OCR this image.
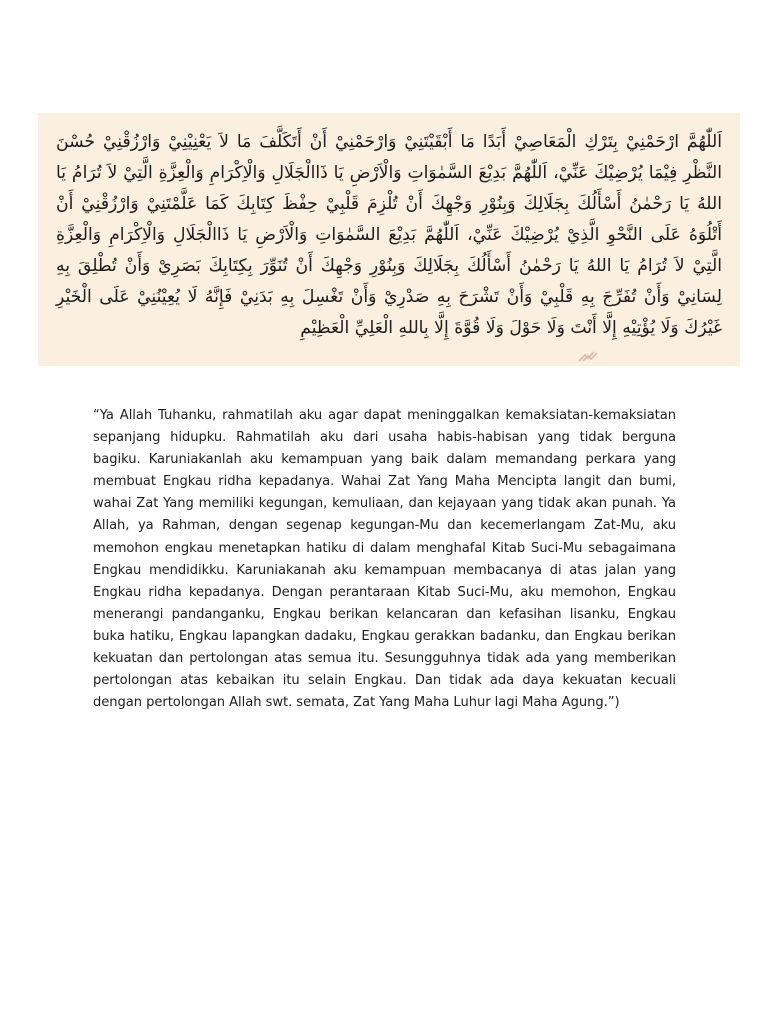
اَللّٰهُمَّ ارْحَمْنِيْ بِتَرْكِ الْمَعَاصِيْ أَبَدًا مَا أَبْقَيْتَنِيْ وَارْحَمْنِيْ أَنْ أَتَكَلَّفَ مَا لاَ يَعْنِيْنِيْ وَارْزُقْنِيْ حُسْنَ النَّظْرِ فِيْمَا يُرْضِيْكَ عَنِّيْ، اَللّٰهُمَّ بَدِيْعَ السَّمٰوَاتِ وَالْاَرْضِ يَا ذَاالْجَلَالِ وَالْاِكْرَامِ وَالْعِزَّةِ الَّتِيْ لاَ تُرَامُ يَا اللهُ يَا رَحْمٰنُ أَسْأَلُكَ بِجَلَالِكَ وَبِنُوْرِ وَجْهِكَ أَنْ تُلْزِمَ قَلْبِيْ حِفْظَ كِتَابِكَ كَمَا عَلَّمْتَنِيْ وَارْزُقْنِيْ أَنْ أَتْلُوَهُ عَلَى النَّحْوِ الَّذِيْ يُرْضِيْكَ عَنِّيْ، اَللّٰهُمَّ بَدِيْعَ السَّمٰوَاتِ وَالْاَرْضِ يَا ذَاالْجَلَالِ وَالْاِكْرَامِ وَالْعِزَّةِ الَّتِيْ لاَ تُرَامُ يَا اللهُ يَا رَحْمٰنُ أَسْأَلُكَ بِجَلَالِكَ وَبِنُوْرِ وَجْهِكَ أَنْ تُنَوِّرَ بِكِتَابِكَ بَصَرِيْ وَأَنْ تُطْلِقَ بِهِ لِسَانِيْ وَأَنْ تُفَرِّجَ بِهِ قَلْبِيْ وَأَنْ تَشْرَحَ بِهِ صَدْرِيْ وَأَنْ تَغْسِلَ بِهِ بَدَنِيْ فَإِنَّهُ لَا يُعِيْنُنِيْ عَلَى الْخَيْرِ غَيْرُكَ وَلَا يُؤْتِيْهِ إِلَّا أَنْتَ وَلَا حَوْلَ وَلَا قُوَّةَ إِلَّا بِاللهِ الْعَلِيِّ الْعَظِيْمِ

“Ya Allah Tuhanku, rahmatilah aku agar dapat meninggalkan kemaksiatan-kemaksiatan sepanjang hidupku. Rahmatilah aku dari usaha habis-habisan yang tidak berguna bagiku. Karuniakanlah aku kemampuan yang baik dalam memandang perkara yang membuat Engkau ridha kepadanya. Wahai Zat Yang Maha Mencipta langit dan bumi, wahai Zat Yang memiliki kegungan, kemuliaan, dan kejayaan yang tidak akan punah. Ya Allah, ya Rahman, dengan segenap kegungan-Mu dan kecemerlangam Zat-Mu, aku memohon engkau menetapkan hatiku di dalam menghafal Kitab Suci-Mu sebagaimana Engkau mendidikku. Karuniakanah aku kemampuan membacanya di atas jalan yang Engkau ridha kepadanya. Dengan perantaraan Kitab Suci-Mu, aku memohon, Engkau menerangi pandanganku, Engkau berikan kelancaran dan kefasihan lisanku, Engkau buka hatiku, Engkau lapangkan dadaku, Engkau gerakkan badanku, dan Engkau berikan kekuatan dan pertolongan atas semua itu. Sesungguhnya tidak ada yang memberikan pertolongan atas kebaikan itu selain Engkau. Dan tidak ada daya kekuatan kecuali dengan pertolongan Allah swt. semata, Zat Yang Maha Luhur lagi Maha Agung.”)
